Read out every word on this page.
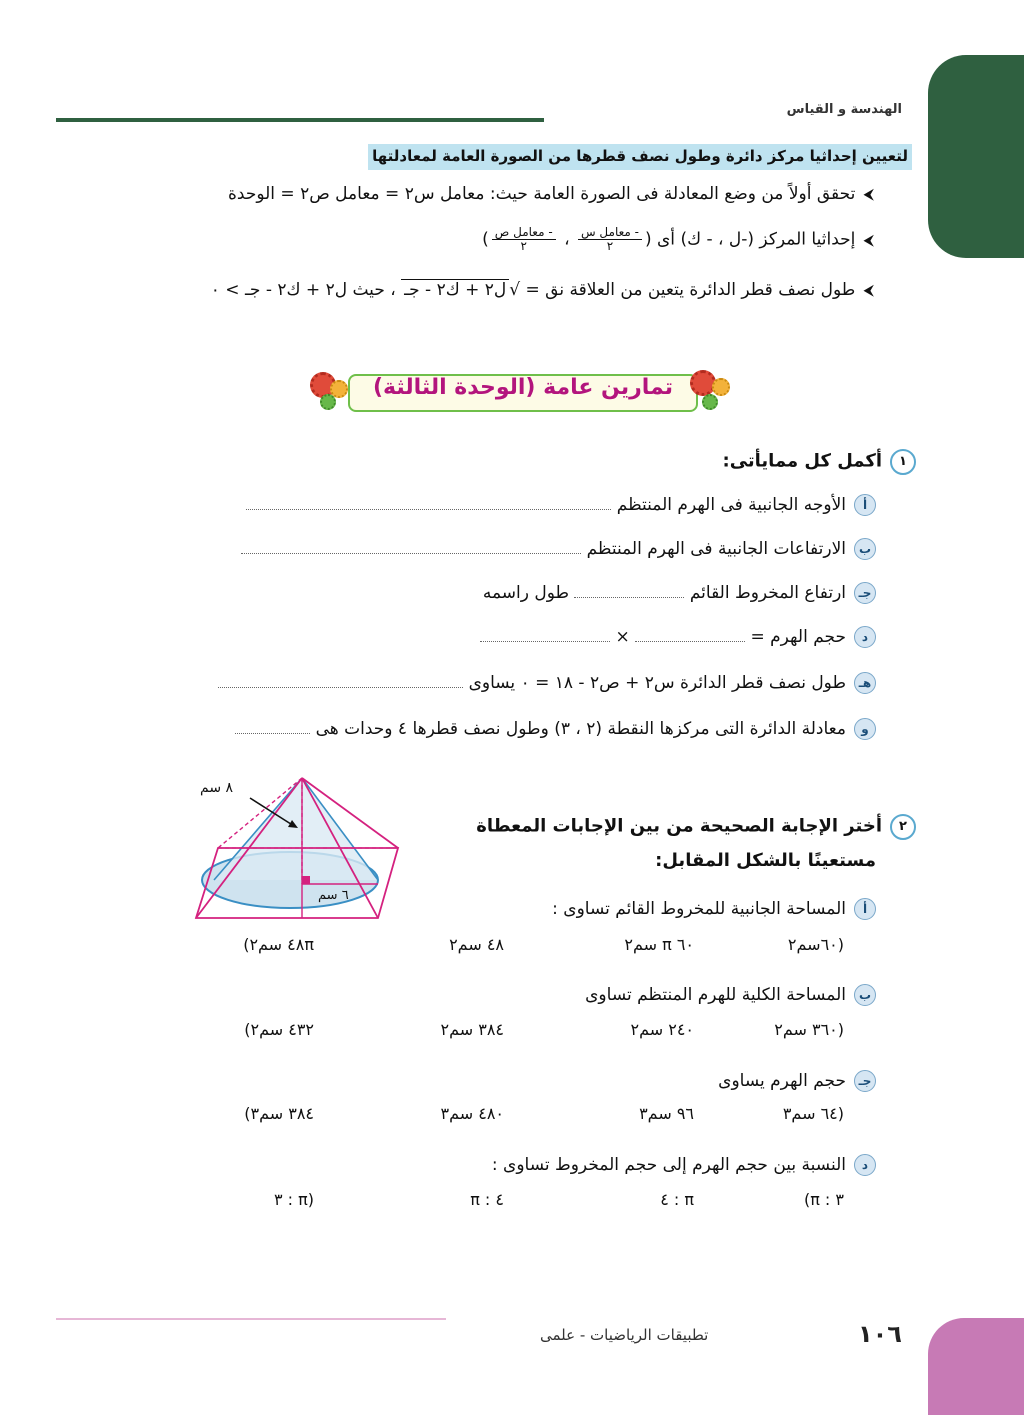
الهندسة و القياس
لتعيين إحداثيا مركز دائرة وطول نصف قطرها من الصورة العامة لمعادلتها
⮜تحقق أولاً من وضع المعادلة فى الصورة العامة حيث: معامل س٢ = معامل ص٢ = الوحدة
⮜إحداثيا المركز (-ل ، - ك) أى (
$\frac{\text{- معامل س}}{٢}$
،
$\frac{\text{- معامل ص}}{٢}$
)
⮜طول نصف قطر الدائرة يتعين من العلاقة نق = √ل٢ + ك٢ - جـ ، حيث ل٢ + ك٢ - جـ > ٠
تمارين عامة (الوحدة الثالثة)
١أكمل كل ممايأتى:
أالأوجه الجانبية فى الهرم المنتظم
بالارتفاعات الجانبية فى الهرم المنتظم
جـارتفاع المخروط القائم  طول راسمه
دحجم الهرم =  ×
هـطول نصف قطر الدائرة س٢ + ص٢ - ١٨ = ٠ يساوى
ومعادلة الدائرة التى مركزها النقطة (٢ ، ٣) وطول نصف قطرها ٤ وحدات هى
٨ سم
٦ سم
٢أختر الإجابة الصحيحة من بين الإجابات المعطاة
مستعينًا بالشكل المقابل:
أالمساحة الجانبية للمخروط القائم تساوى :
(٦٠سم٢
٦٠ π سم٢
٤٨ سم٢
٤٨π سم٢)
بالمساحة الكلية للهرم المنتظم تساوى
(٣٦٠ سم٢
٢٤٠ سم٢
٣٨٤ سم٢
٤٣٢ سم٢)
جـحجم الهرم يساوى
(٦٤ سم٣
٩٦ سم٣
٤٨٠ سم٣
٣٨٤ سم٣)
دالنسبة بين حجم الهرم إلى حجم المخروط تساوى :
(π : ٣
٤ : π
π : ٤
٣ : π)
تطبيقات الرياضيات - علمى	١٠٦
